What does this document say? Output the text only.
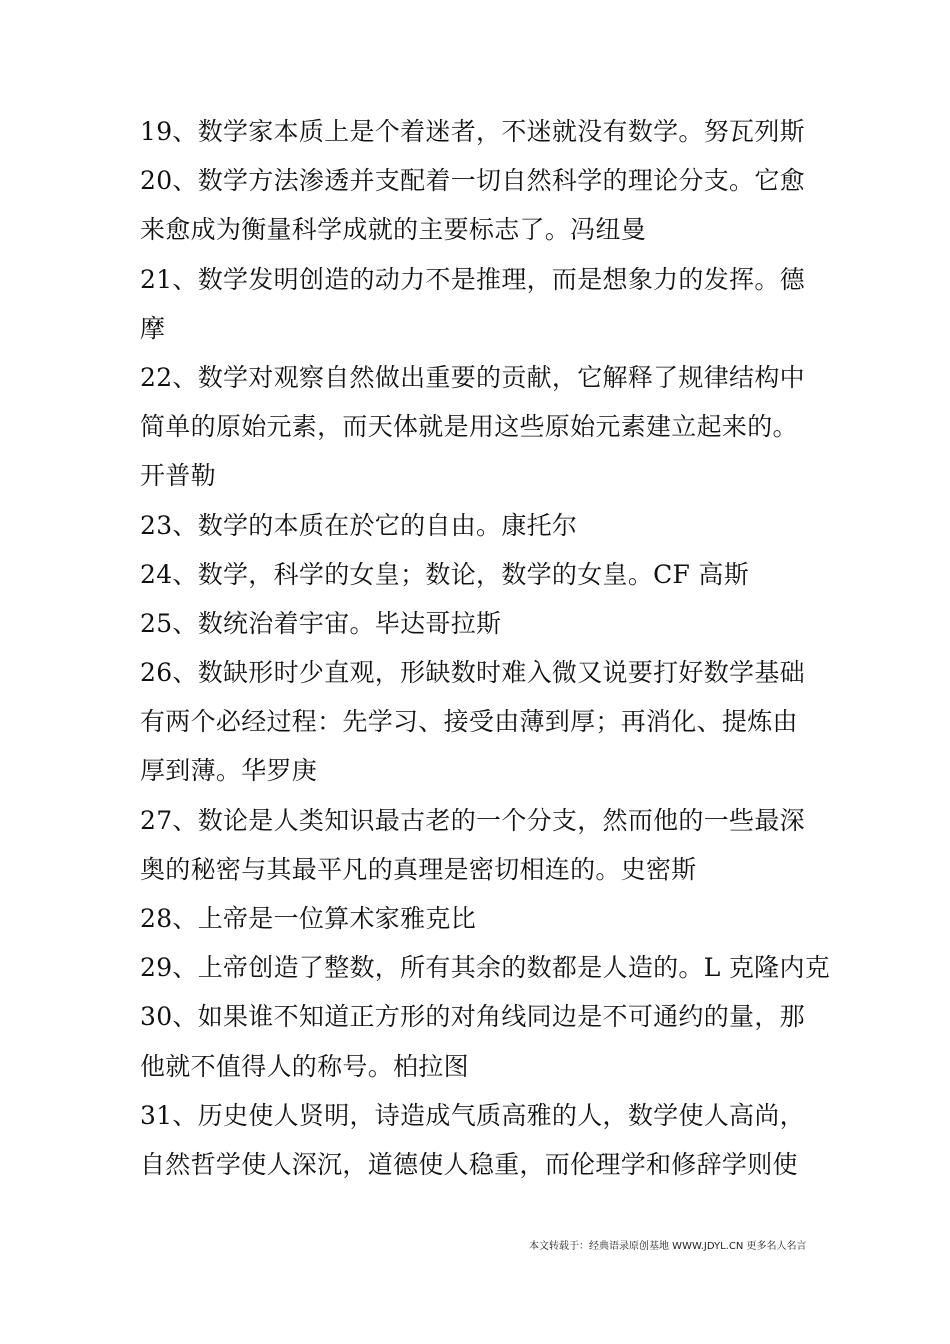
19、数学家本质上是个着迷者，不迷就没有数学。努瓦列斯
20、数学方法渗透并支配着一切自然科学的理论分支。它愈
来愈成为衡量科学成就的主要标志了。冯纽曼
21、数学发明创造的动力不是推理，而是想象力的发挥。德
摩
22、数学对观察自然做出重要的贡献，它解释了规律结构中
简单的原始元素，而天体就是用这些原始元素建立起来的。
开普勒
23、数学的本质在於它的自由。康托尔
24、数学，科学的女皇；数论，数学的女皇。CF 高斯
25、数统治着宇宙。毕达哥拉斯
26、数缺形时少直观，形缺数时难入微又说要打好数学基础
有两个必经过程：先学习、接受由薄到厚；再消化、提炼由
厚到薄。华罗庚
27、数论是人类知识最古老的一个分支，然而他的一些最深
奥的秘密与其最平凡的真理是密切相连的。史密斯
28、上帝是一位算术家雅克比
29、上帝创造了整数，所有其余的数都是人造的。L 克隆内克
30、如果谁不知道正方形的对角线同边是不可通约的量，那
他就不值得人的称号。柏拉图
31、历史使人贤明，诗造成气质高雅的人，数学使人高尚，
自然哲学使人深沉，道德使人稳重，而伦理学和修辞学则使
本文转载于：经典语录原创基地 WWW.JDYL.CN 更多名人名言
